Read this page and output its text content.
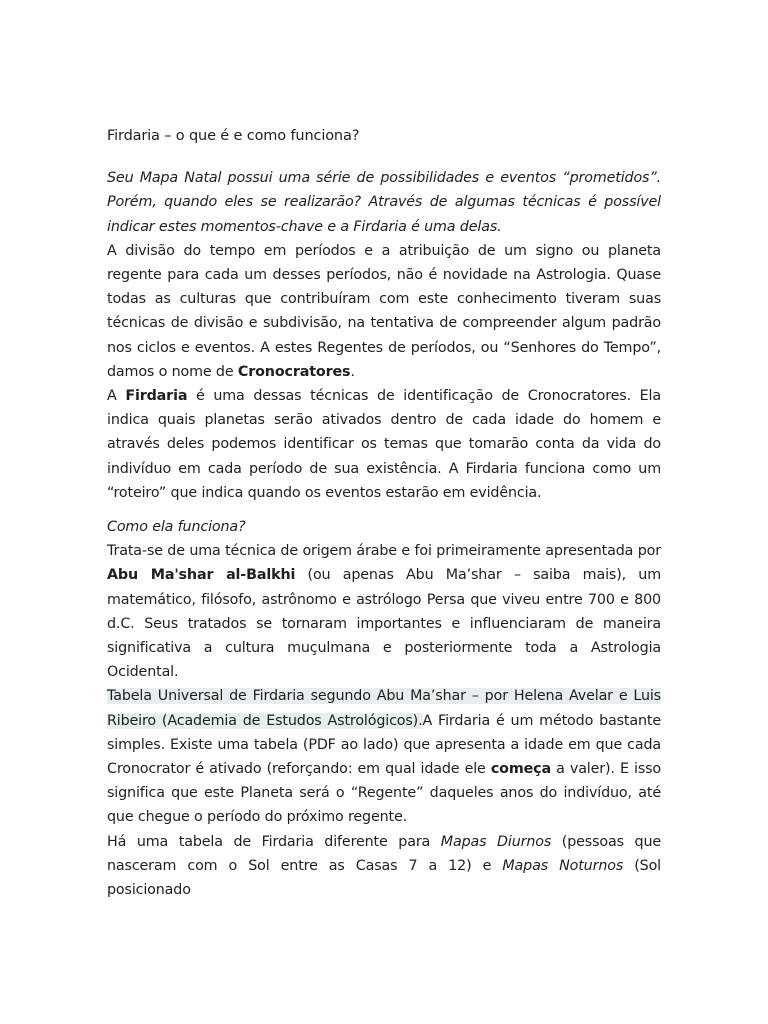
Firdaria – o que é e como funciona?

Seu Mapa Natal possui uma série de possibilidades e eventos “prometidos”. Porém, quando eles se realizarão? Através de algumas técnicas é possível indicar estes momentos-chave e a Firdaria é uma delas.

A divisão do tempo em períodos e a atribuição de um signo ou planeta regente para cada um desses períodos, não é novidade na Astrologia. Quase todas as culturas que contribuíram com este conhecimento tiveram suas técnicas de divisão e subdivisão, na tentativa de compreender algum padrão nos ciclos e eventos. A estes Regentes de períodos, ou “Senhores do Tempo”, damos o nome de Cronocratores.

A Firdaria é uma dessas técnicas de identificação de Cronocratores. Ela indica quais planetas serão ativados dentro de cada idade do homem e através deles podemos identificar os temas que tomarão conta da vida do indivíduo em cada período de sua existência. A Firdaria funciona como um “roteiro” que indica quando os eventos estarão em evidência.

Como ela funciona?

Trata-se de uma técnica de origem árabe e foi primeiramente apresentada por Abu Ma'shar al-Balkhi (ou apenas Abu Ma’shar – saiba mais), um matemático, filósofo, astrônomo e astrólogo Persa que viveu entre 700 e 800 d.C. Seus tratados se tornaram importantes e influenciaram de maneira significativa a cultura muçulmana e posteriormente toda a Astrologia Ocidental.

Tabela Universal de Firdaria segundo Abu Ma’shar – por Helena Avelar e Luis Ribeiro (Academia de Estudos Astrológicos).A Firdaria é um método bastante simples. Existe uma tabela (PDF ao lado) que apresenta a idade em que cada Cronocrator é ativado (reforçando: em qual idade ele começa a valer). E isso significa que este Planeta será o “Regente” daqueles anos do indivíduo, até que chegue o período do próximo regente.

Há uma tabela de Firdaria diferente para Mapas Diurnos (pessoas que nasceram com o Sol entre as Casas 7 a 12) e Mapas Noturnos (Sol posicionado
